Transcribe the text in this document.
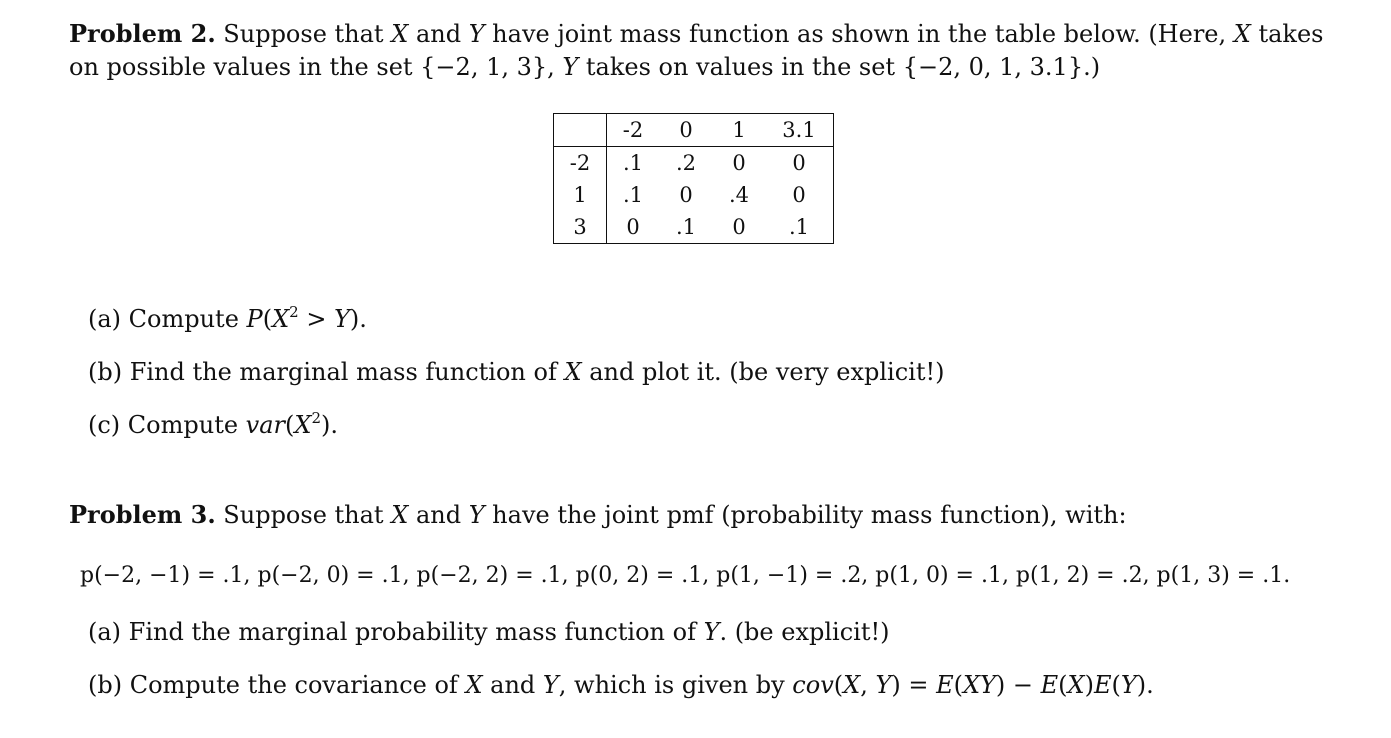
Problem 2. Suppose that X and Y have joint mass function as shown in the table below. (Here, X takes
on possible values in the set {−2, 1, 3}, Y takes on values in the set {−2, 0, 1, 3.1}.)
	-2	0	1	3.1
-2	.1	.2	0	0
1	.1	0	.4	0
3	0	.1	0	.1
(a) Compute $P(X^2 > Y)$.
(b) Find the marginal mass function of X and plot it. (be very explicit!)
(c) Compute $var(X^2)$.
Problem 3. Suppose that X and Y have the joint pmf (probability mass function), with:
p(−2, −1) = .1, p(−2, 0) = .1, p(−2, 2) = .1, p(0, 2) = .1, p(1, −1) = .2, p(1, 0) = .1, p(1, 2) = .2, p(1, 3) = .1.
(a) Find the marginal probability mass function of Y. (be explicit!)
(b) Compute the covariance of X and Y, which is given by cov(X, Y) = E(XY) − E(X)E(Y).
